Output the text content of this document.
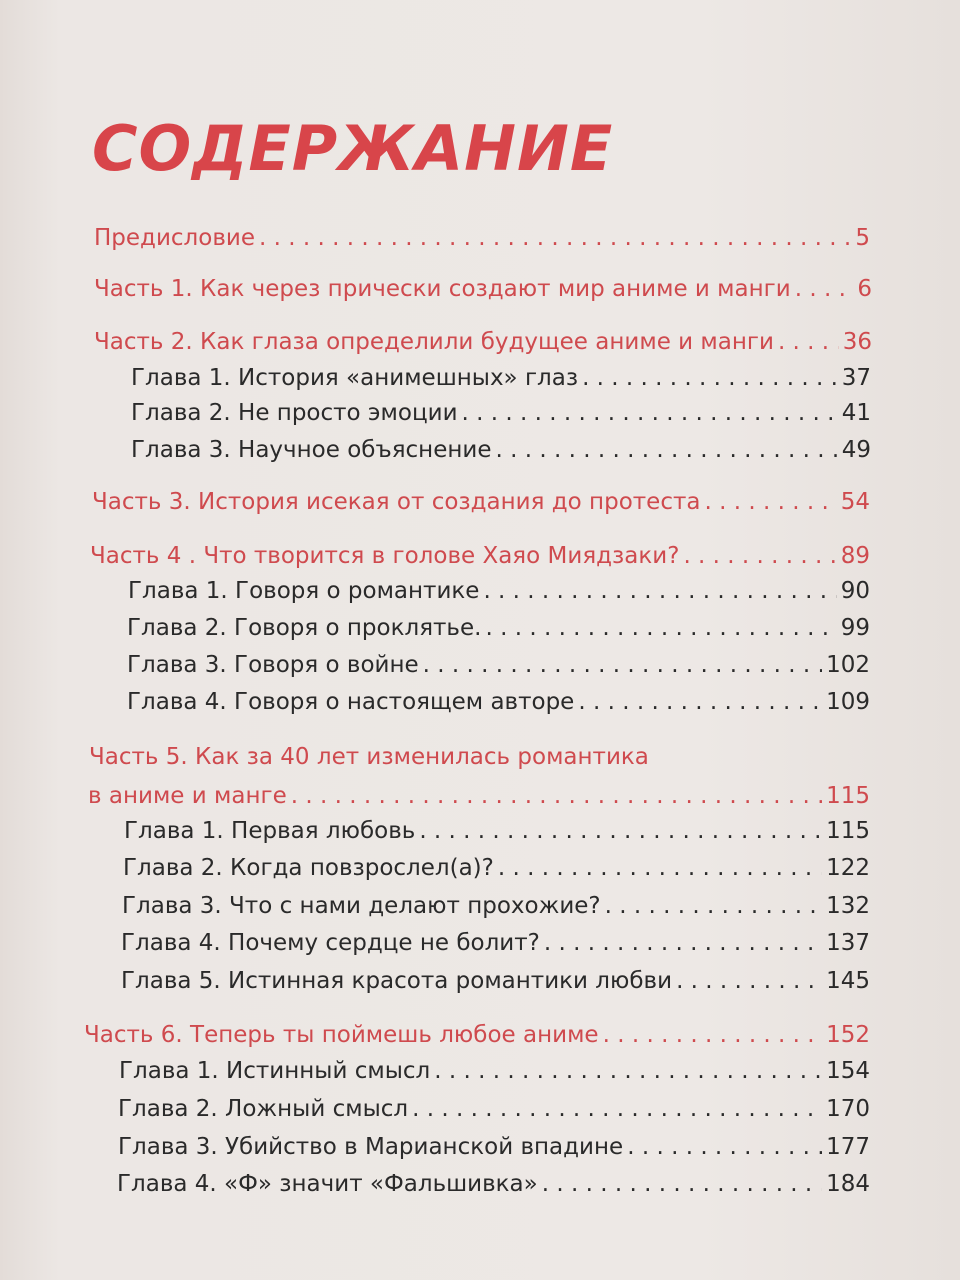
СОДЕРЖАНИЕ
Предисловие . . .	5
Часть 1. Как через прически создают мир аниме и манги . . .	6
Часть 2. Как глаза определили будущее аниме и манги . . .	36
Глава 1. История «анимешных» глаз . . .	37
Глава 2. Не просто эмоции . . .	41
Глава 3. Научное объяснение . . .	49
Часть 3. История исекая от создания до протеста . . .	54
Часть 4 . Что творится в голове Хаяо Миядзаки? . . .	89
Глава 1. Говоря о романтике . . .	90
Глава 2. Говоря о проклятье. . . .	99
Глава 3. Говоря о войне . . .	102
Глава 4. Говоря о настоящем авторе . . .	109
Часть 5. Как за 40 лет изменилась романтика
в аниме и манге . . .	115
Глава 1. Первая любовь . . .	115
Глава 2. Когда повзрослел(а)? . . .	122
Глава 3. Что с нами делают прохожие? . . .	132
Глава 4. Почему сердце не болит? . . .	137
Глава 5. Истинная красота романтики любви . . .	145
Часть 6. Теперь ты поймешь любое аниме . . .	152
Глава 1. Истинный смысл . . .	154
Глава 2. Ложный смысл . . .	170
Глава 3. Убийство в Марианской впадине . . .	177
Глава 4. «Ф» значит «Фальшивка» . . .	184
